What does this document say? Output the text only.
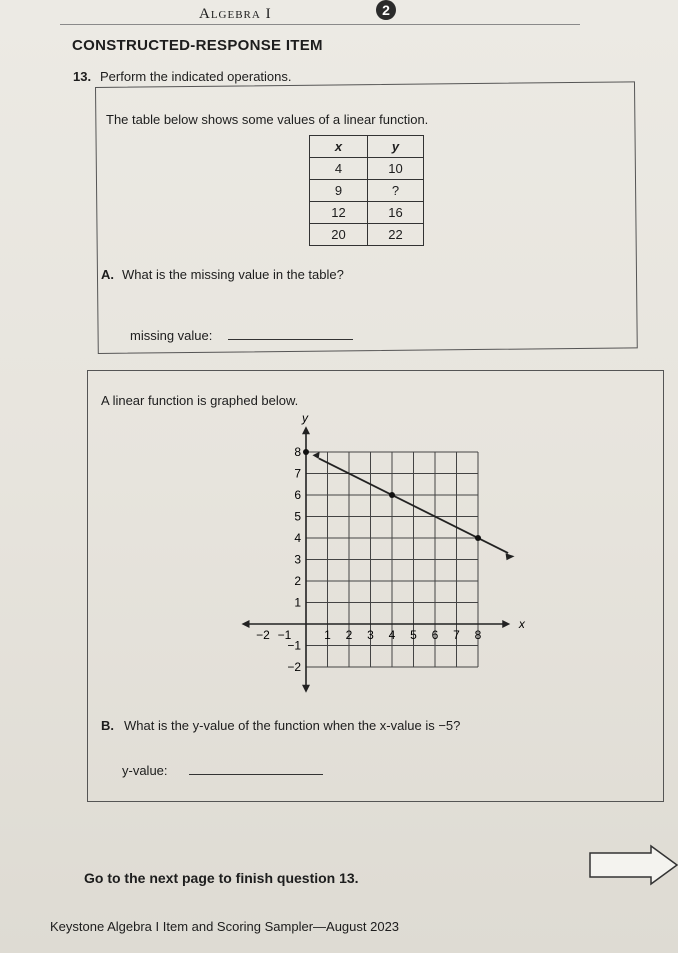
Algebra I	2
CONSTRUCTED-RESPONSE ITEM
13. Perform the indicated operations.
The table below shows some values of a linear function.
x	y
4	10
9	?
12	16
20	22
A. What is the missing value in the table?
missing value:
A linear function is graphed below.
x
y
−2 −1	1 2 3 4 5 6 7 8
8
7
6
5
4
3
2
1
−1
−2
B. What is the y-value of the function when the x-value is −5?
y-value:
Go to the next page to finish question 13.
Keystone Algebra I Item and Scoring Sampler—August 2023
